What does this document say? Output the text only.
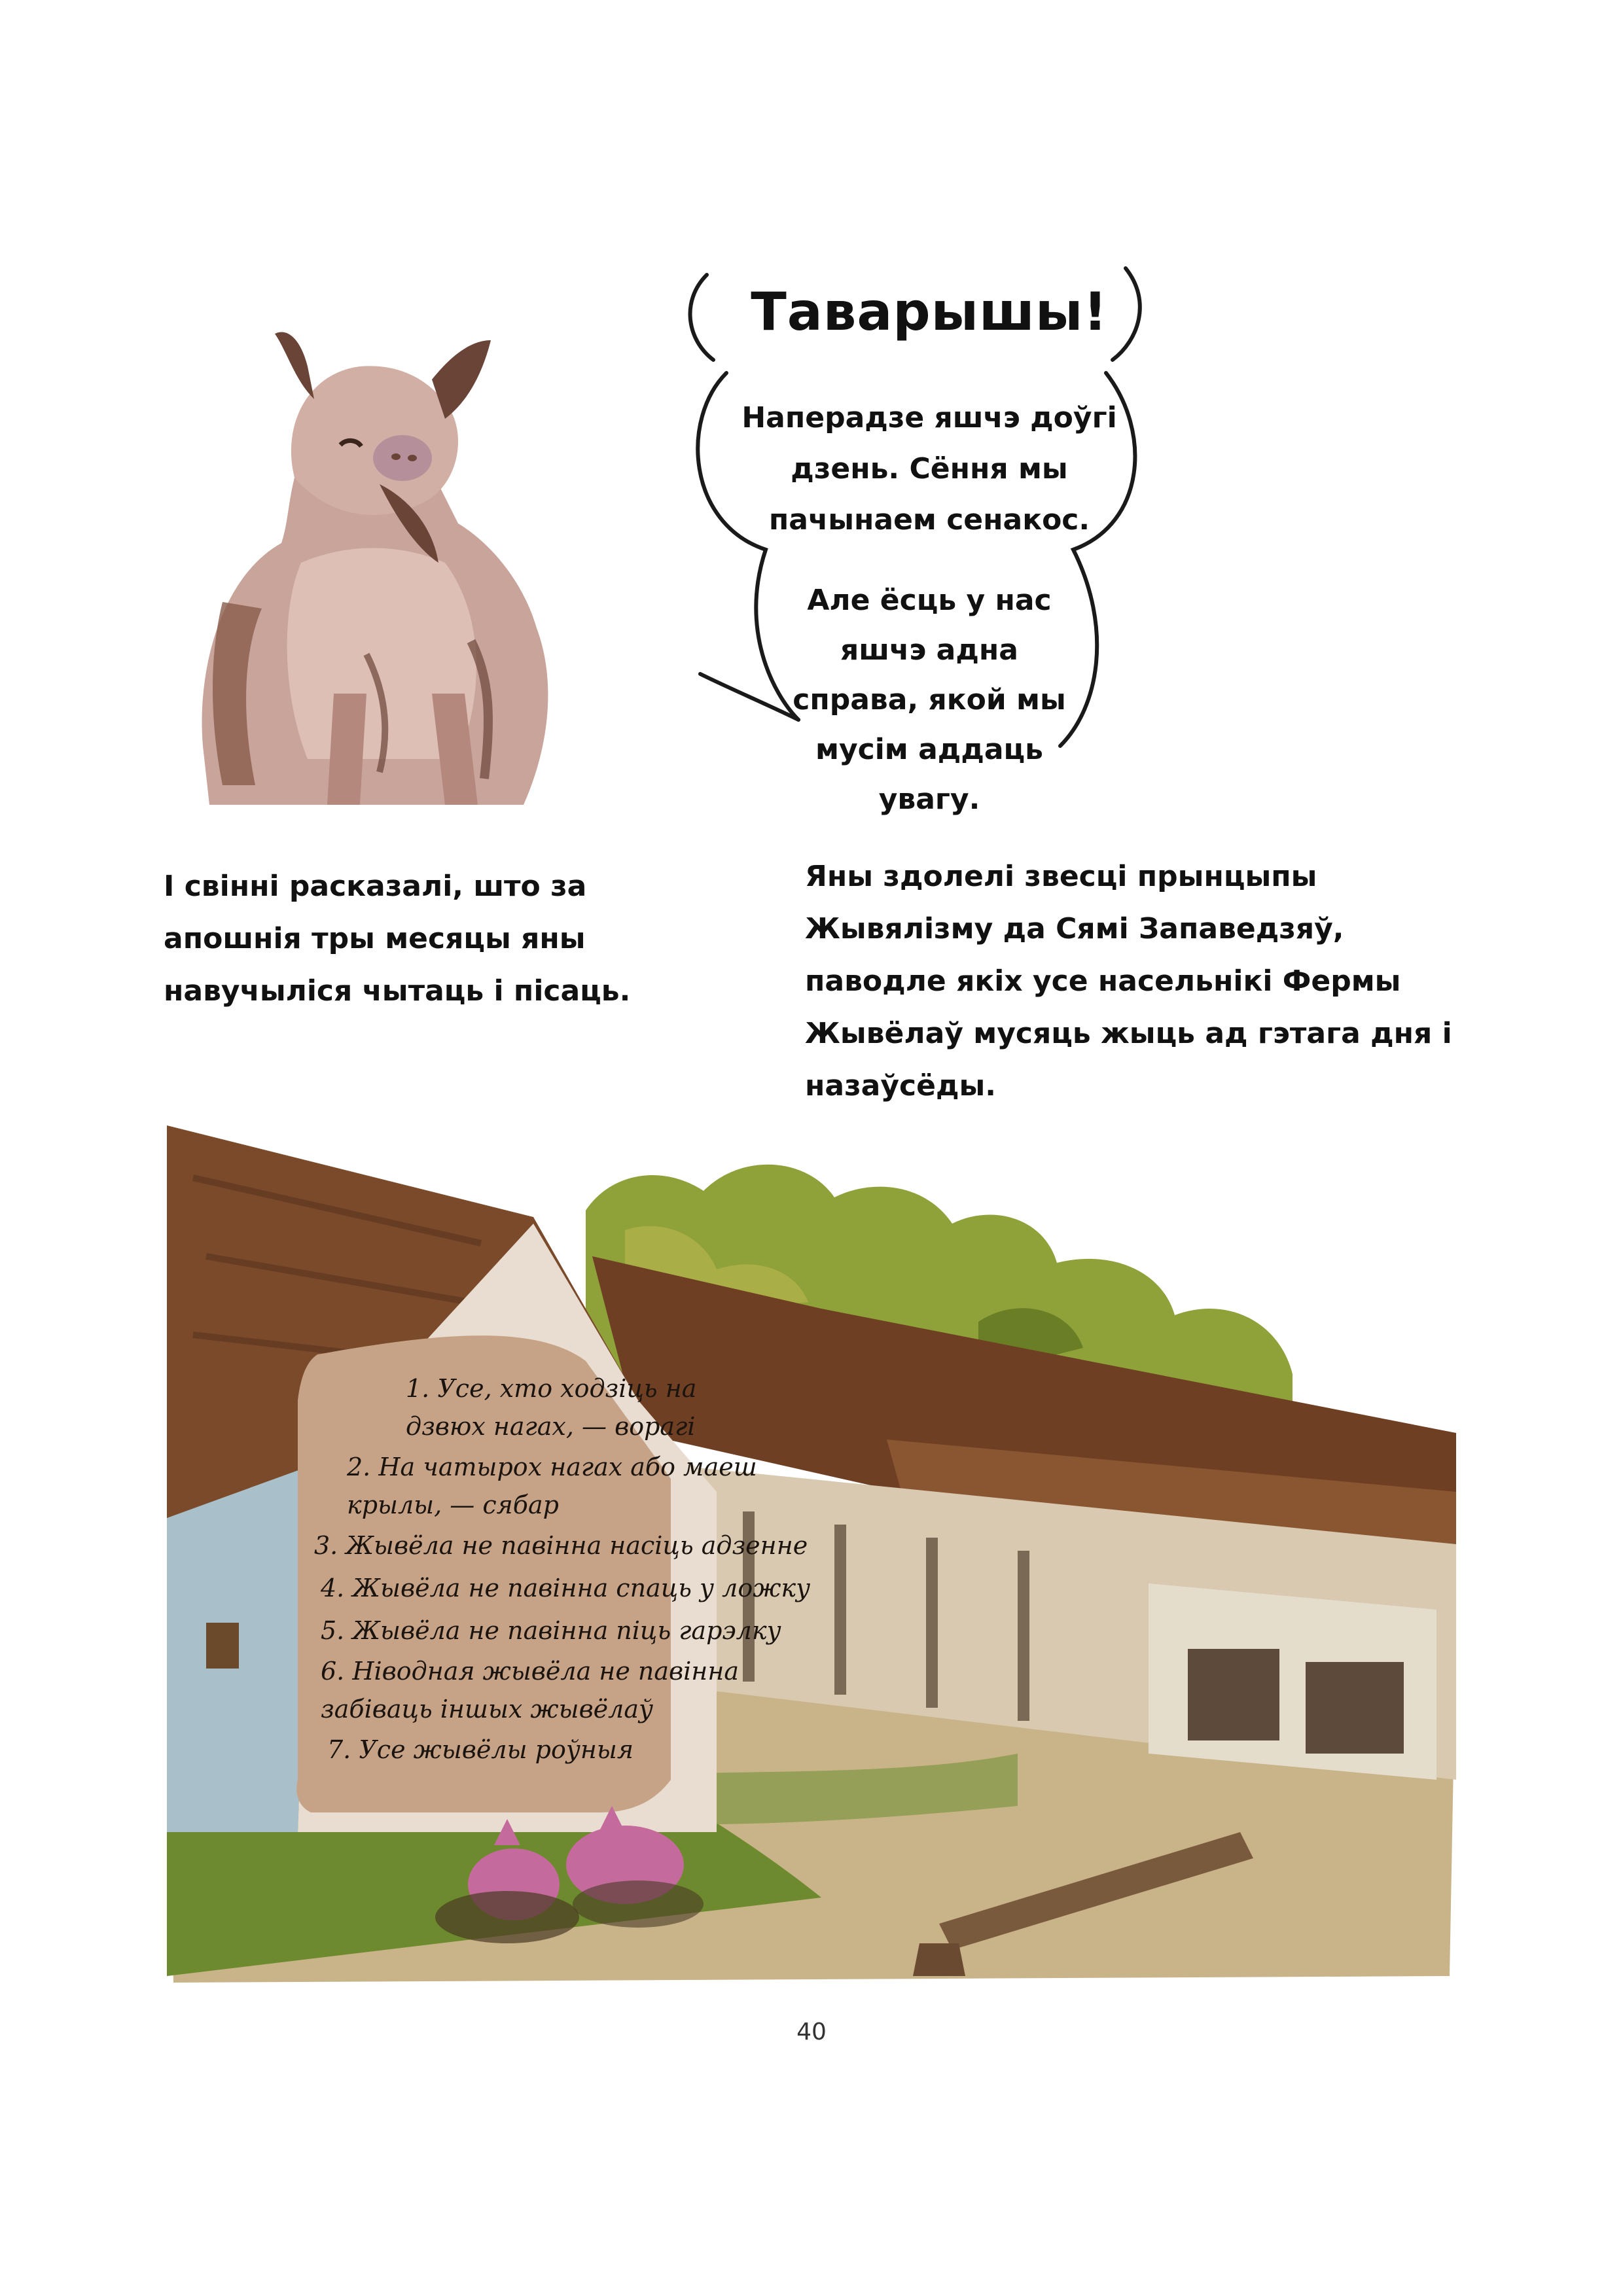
Таварышы!
Наперадзе яшчэ доўгі дзень. Сёння мы пачынаем сенакос.
Але ёсць у нас яшчэ адна справа, якой мы мусім аддаць увагу.
І свінні расказалі, што за апошнія тры месяцы яны навучыліся чытаць і пісаць.
Яны здолелі звесці прынцыпы Жывялізму да Сямі Запаведзяў, паводле якіх усе насельнікі Фермы Жывёлаў мусяць жыць ад гэтага дня і назаўсёды.
1. Усе, хто ходзіць на
дзвюх нагах, — ворагі
2. На чатырох нагах або маеш
крылы, — сябар
3. Жывёла не павінна насіць адзенне
4. Жывёла не павінна спаць у ложку
5. Жывёла не павінна піць гарэлку
6. Ніводная жывёла не павінна
забіваць іншых жывёлаў
7. Усе жывёлы роўныя
40
